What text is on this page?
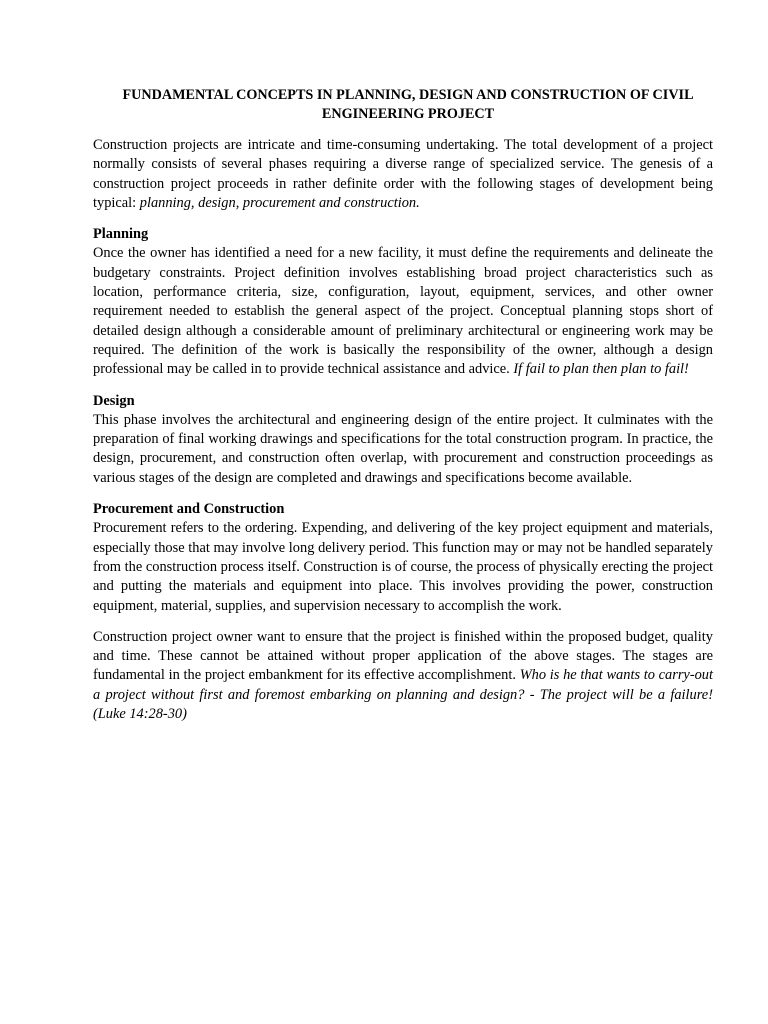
FUNDAMENTAL CONCEPTS IN PLANNING, DESIGN AND CONSTRUCTION OF CIVIL ENGINEERING PROJECT

Construction projects are intricate and time-consuming undertaking. The total development of a project normally consists of several phases requiring a diverse range of specialized service. The genesis of a construction project proceeds in rather definite order with the following stages of development being typical: planning, design, procurement and construction.

Planning
Once the owner has identified a need for a new facility, it must define the requirements and delineate the budgetary constraints. Project definition involves establishing broad project characteristics such as location, performance criteria, size, configuration, layout, equipment, services, and other owner requirement needed to establish the general aspect of the project. Conceptual planning stops short of detailed design although a considerable amount of preliminary architectural or engineering work may be required. The definition of the work is basically the responsibility of the owner, although a design professional may be called in to provide technical assistance and advice. If fail to plan then plan to fail!

Design
This phase involves the architectural and engineering design of the entire project. It culminates with the preparation of final working drawings and specifications for the total construction program. In practice, the design, procurement, and construction often overlap, with procurement and construction proceedings as various stages of the design are completed and drawings and specifications become available.

Procurement and Construction
Procurement refers to the ordering. Expending, and delivering of the key project equipment and materials, especially those that may involve long delivery period. This function may or may not be handled separately from the construction process itself. Construction is of course, the process of physically erecting the project and putting the materials and equipment into place. This involves providing the power, construction equipment, material, supplies, and supervision necessary to accomplish the work.

Construction project owner want to ensure that the project is finished within the proposed budget, quality and time. These cannot be attained without proper application of the above stages. The stages are fundamental in the project embankment for its effective accomplishment. Who is he that wants to carry-out a project without first and foremost embarking on planning and design? - The project will be a failure! (Luke 14:28-30)
